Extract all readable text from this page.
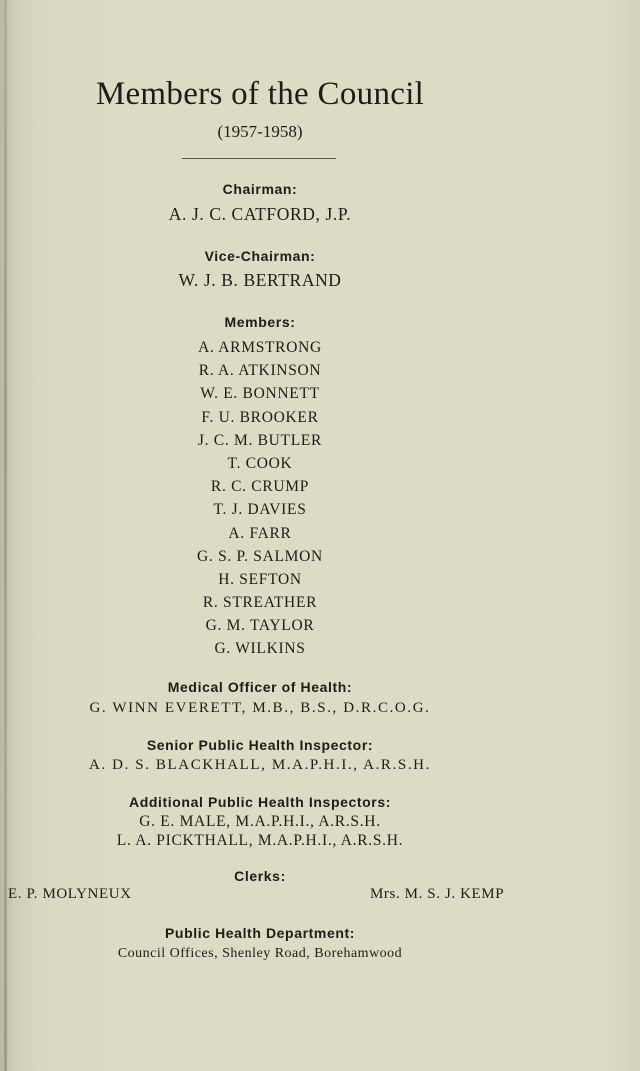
Members of the Council
(1957-1958)
Chairman:
A. J. C. CATFORD, J.P.
Vice-Chairman:
W. J. B. BERTRAND
Members:
A. ARMSTRONG
R. A. ATKINSON
W. E. BONNETT
F. U. BROOKER
J. C. M. BUTLER
T. COOK
R. C. CRUMP
T. J. DAVIES
A. FARR
G. S. P. SALMON
H. SEFTON
R. STREATHER
G. M. TAYLOR
G. WILKINS
Medical Officer of Health:
G. WINN EVERETT, M.B., B.S., D.R.C.O.G.
Senior Public Health Inspector:
A. D. S. BLACKHALL, M.A.P.H.I., A.R.S.H.
Additional Public Health Inspectors:
G. E. MALE, M.A.P.H.I., A.R.S.H.
L. A. PICKTHALL, M.A.P.H.I., A.R.S.H.
Clerks:
E. P. MOLYNEUX	Mrs. M. S. J. KEMP
Public Health Department:
Council Offices, Shenley Road, Borehamwood
